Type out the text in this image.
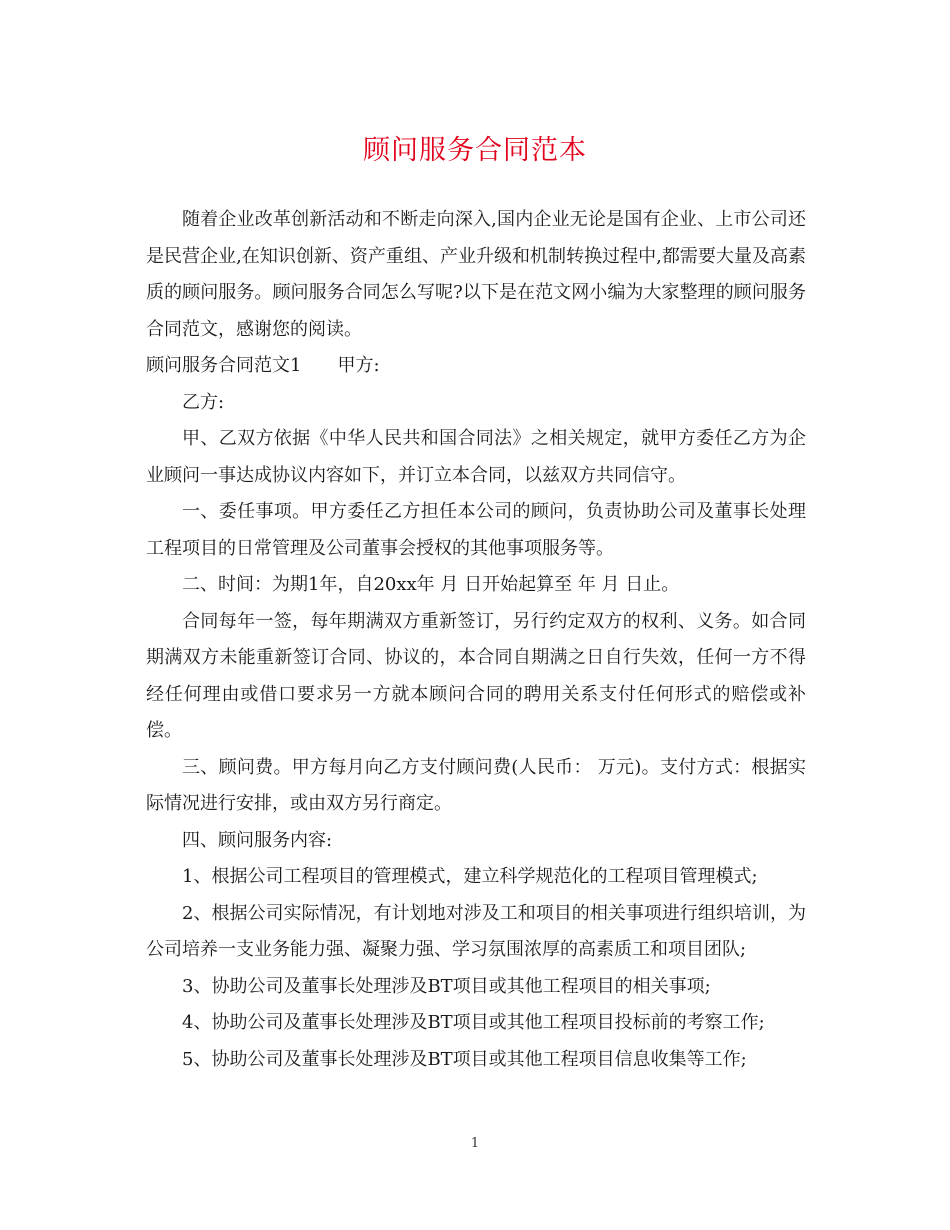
顾问服务合同范本

随着企业改革创新活动和不断走向深入,国内企业无论是国有企业、上市公司还是民营企业,在知识创新、资产重组、产业升级和机制转换过程中,都需要大量及高素质的顾问服务。顾问服务合同怎么写呢?以下是在范文网小编为大家整理的顾问服务合同范文，感谢您的阅读。

顾问服务合同范文1　　甲方:

乙方:

甲、乙双方依据《中华人民共和国合同法》之相关规定，就甲方委任乙方为企业顾问一事达成协议内容如下，并订立本合同，以兹双方共同信守。

一、委任事项。甲方委任乙方担任本公司的顾问，负责协助公司及董事长处理工程项目的日常管理及公司董事会授权的其他事项服务等。

二、时间：为期1年，自20xx年 月 日开始起算至 年 月 日止。

合同每年一签，每年期满双方重新签订，另行约定双方的权利、义务。如合同期满双方未能重新签订合同、协议的，本合同自期满之日自行失效，任何一方不得经任何理由或借口要求另一方就本顾问合同的聘用关系支付任何形式的赔偿或补偿。

三、顾问费。甲方每月向乙方支付顾问费(人民币： 万元)。支付方式：根据实际情况进行安排，或由双方另行商定。

四、顾问服务内容:

1、根据公司工程项目的管理模式，建立科学规范化的工程项目管理模式;

2、根据公司实际情况，有计划地对涉及工和项目的相关事项进行组织培训，为公司培养一支业务能力强、凝聚力强、学习氛围浓厚的高素质工和项目团队;

3、协助公司及董事长处理涉及BT项目或其他工程项目的相关事项;

4、协助公司及董事长处理涉及BT项目或其他工程项目投标前的考察工作;

5、协助公司及董事长处理涉及BT项目或其他工程项目信息收集等工作;

1
